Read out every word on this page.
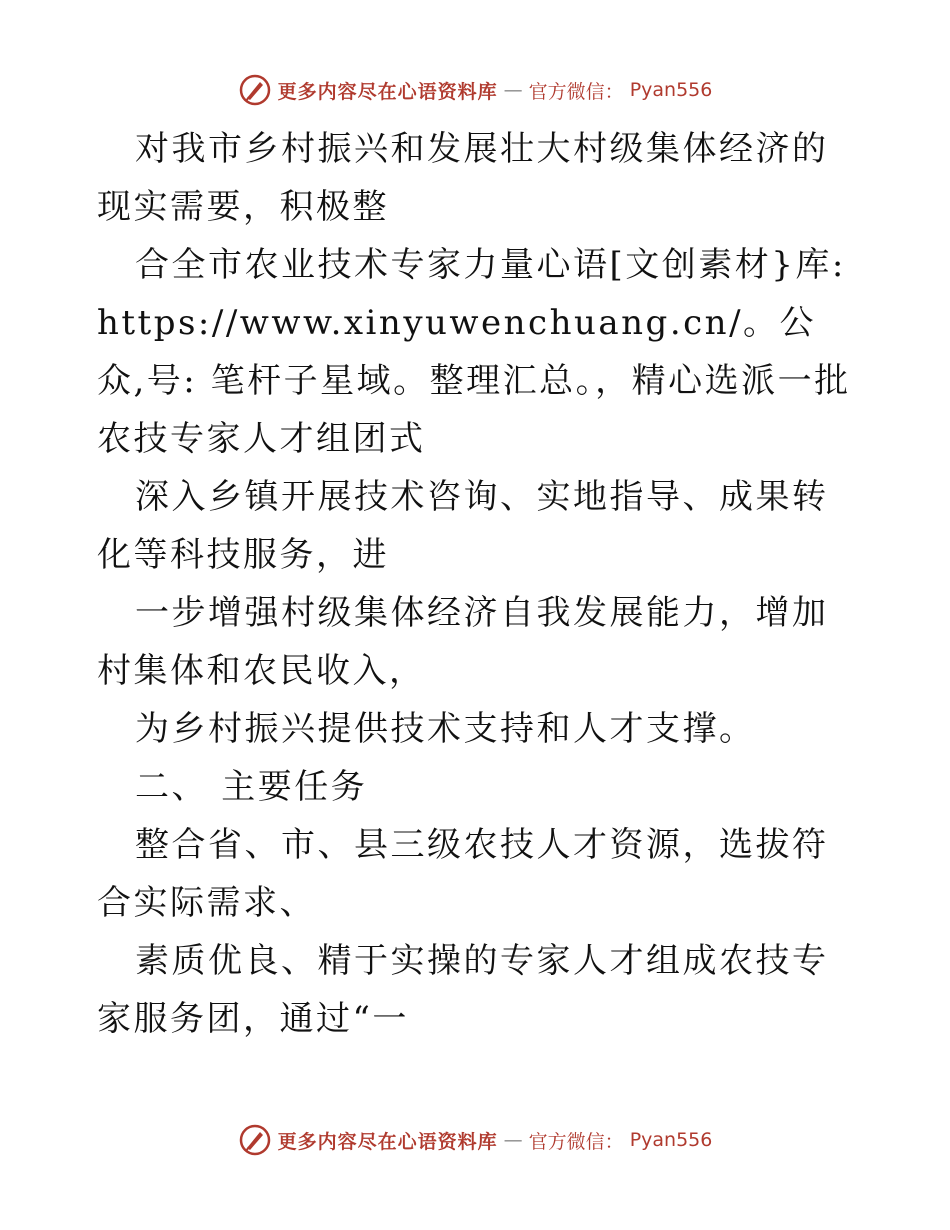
更多内容尽在心语资料库 — 官方微信： Pyan556

对我市乡村振兴和发展壮大村级集体经济的现实需要，积极整

合全市农业技术专家力量心语[文创素材}库:

https://www.xinyuwenchuang.cn/。公众,号: 笔杆子星域。整理汇总。，精心选派一批农技专家人才组团式

深入乡镇开展技术咨询、实地指导、成果转化等科技服务，进

一步增强村级集体经济自我发展能力，增加村集体和农民收入，

为乡村振兴提供技术支持和人才支撑。

二、 主要任务

整合省、市、县三级农技人才资源，选拔符合实际需求、

素质优良、精于实操的专家人才组成农技专家服务团，通过“一

更多内容尽在心语资料库 — 官方微信： Pyan556
